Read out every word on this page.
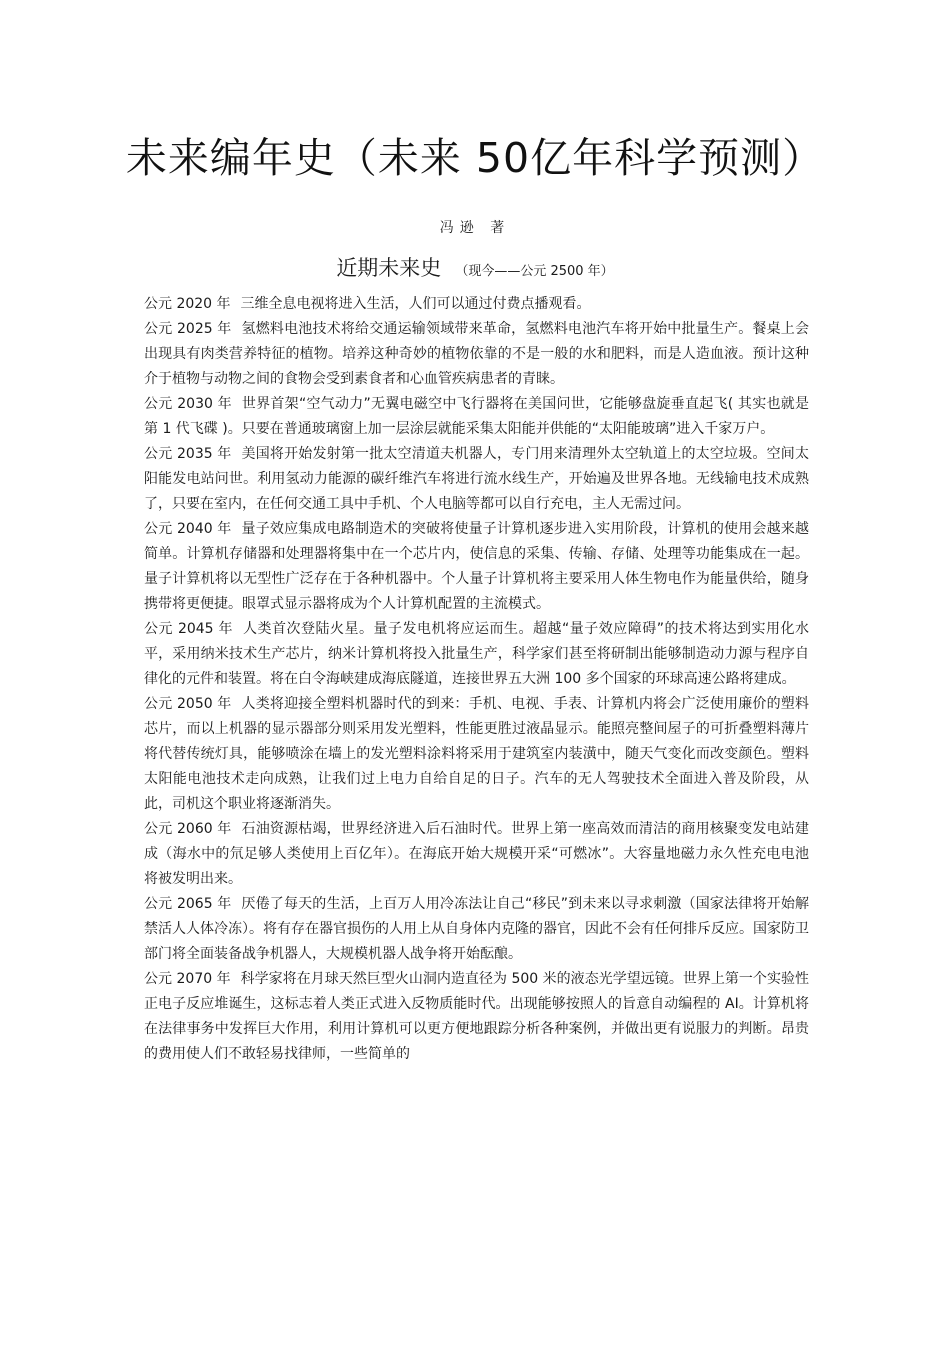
未来编年史（未来 50亿年科学预测）
冯逊 著
近期未来史 （现今——公元 2500 年）

公元 2020 年 三维全息电视将进入生活，人们可以通过付费点播观看。

公元 2025 年 氢燃料电池技术将给交通运输领域带来革命，氢燃料电池汽车将开始中批量生产。餐桌上会出现具有肉类营养特征的植物。培养这种奇妙的植物依靠的不是一般的水和肥料，而是人造血液。预计这种介于植物与动物之间的食物会受到素食者和心血管疾病患者的青睐。

公元 2030 年 世界首架“空气动力”无翼电磁空中飞行器将在美国问世，它能够盘旋垂直起飞( 其实也就是第 1 代飞碟 )。只要在普通玻璃窗上加一层涂层就能采集太阳能并供能的“太阳能玻璃”进入千家万户。

公元 2035 年 美国将开始发射第一批太空清道夫机器人，专门用来清理外太空轨道上的太空垃圾。空间太阳能发电站问世。利用氢动力能源的碳纤维汽车将进行流水线生产，开始遍及世界各地。无线输电技术成熟了，只要在室内，在任何交通工具中手机、个人电脑等都可以自行充电，主人无需过问。

公元 2040 年 量子效应集成电路制造术的突破将使量子计算机逐步进入实用阶段，计算机的使用会越来越简单。计算机存储器和处理器将集中在一个芯片内，使信息的采集、传输、存储、处理等功能集成在一起。量子计算机将以无型性广泛存在于各种机器中。个人量子计算机将主要采用人体生物电作为能量供给，随身携带将更便捷。眼罩式显示器将成为个人计算机配置的主流模式。

公元 2045 年 人类首次登陆火星。量子发电机将应运而生。超越“量子效应障碍”的技术将达到实用化水平，采用纳米技术生产芯片，纳米计算机将投入批量生产，科学家们甚至将研制出能够制造动力源与程序自律化的元件和装置。将在白令海峡建成海底隧道，连接世界五大洲 100 多个国家的环球高速公路将建成。

公元 2050 年 人类将迎接全塑料机器时代的到来：手机、电视、手表、计算机内将会广泛使用廉价的塑料芯片，而以上机器的显示器部分则采用发光塑料，性能更胜过液晶显示。能照亮整间屋子的可折叠塑料薄片将代替传统灯具，能够喷涂在墙上的发光塑料涂料将采用于建筑室内装潢中，随天气变化而改变颜色。塑料太阳能电池技术走向成熟，让我们过上电力自给自足的日子。汽车的无人驾驶技术全面进入普及阶段，从此，司机这个职业将逐渐消失。

公元 2060 年 石油资源枯竭，世界经济进入后石油时代。世界上第一座高效而清洁的商用核聚变发电站建成（海水中的氘足够人类使用上百亿年）。在海底开始大规模开采“可燃冰”。大容量地磁力永久性充电电池将被发明出来。

公元 2065 年 厌倦了每天的生活，上百万人用冷冻法让自己“移民”到未来以寻求刺激（国家法律将开始解禁活人人体冷冻）。将有存在器官损伤的人用上从自身体内克隆的器官，因此不会有任何排斥反应。国家防卫部门将全面装备战争机器人，大规模机器人战争将开始酝酿。

公元 2070 年 科学家将在月球天然巨型火山洞内造直径为 500 米的液态光学望远镜。世界上第一个实验性正电子反应堆诞生，这标志着人类正式进入反物质能时代。出现能够按照人的旨意自动编程的 AI。计算机将在法律事务中发挥巨大作用，利用计算机可以更方便地跟踪分析各种案例，并做出更有说服力的判断。昂贵的费用使人们不敢轻易找律师，一些简单的
